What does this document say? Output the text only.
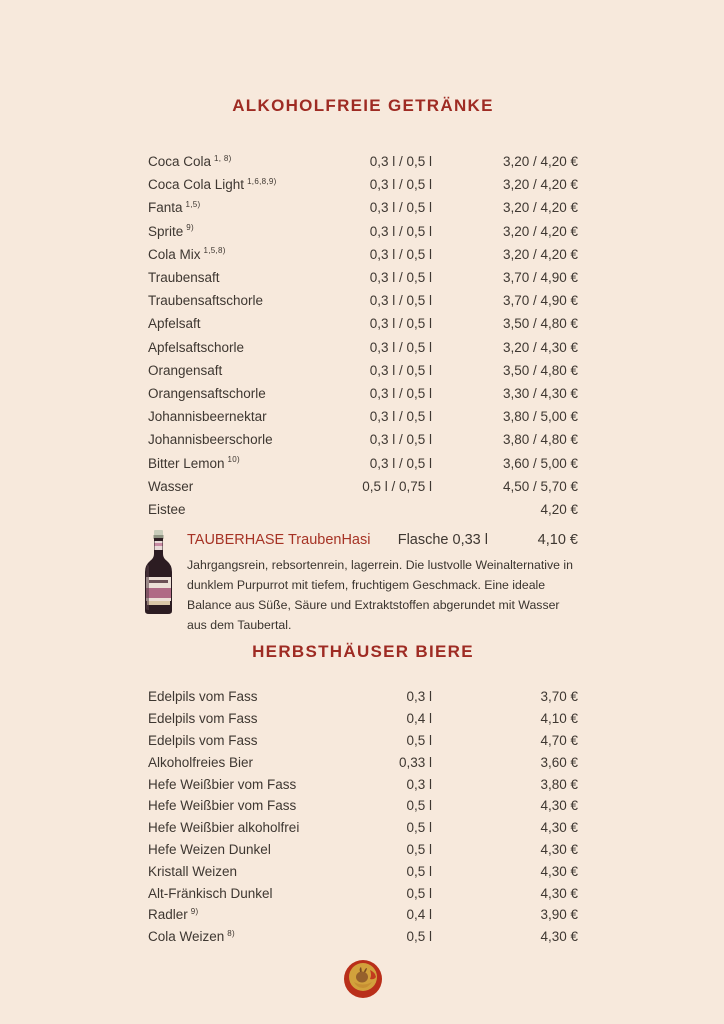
ALKOHOLFREIE GETRÄNKE
Coca Cola $^{1, 8)}$	0,3 l / 0,5 l	3,20 / 4,20 €
Coca Cola Light $^{1,6,8,9)}$	0,3 l / 0,5 l	3,20 / 4,20 €
Fanta $^{1,5)}$	0,3 l / 0,5 l	3,20 / 4,20 €
Sprite $^{9)}$	0,3 l / 0,5 l	3,20 / 4,20 €
Cola Mix $^{1,5,8)}$	0,3 l / 0,5 l	3,20 / 4,20 €
Traubensaft	0,3 l / 0,5 l	3,70 / 4,90 €
Traubensaftschorle	0,3 l / 0,5 l	3,70 / 4,90 €
Apfelsaft	0,3 l / 0,5 l	3,50 / 4,80 €
Apfelsaftschorle	0,3 l / 0,5 l	3,20 / 4,30 €
Orangensaft	0,3 l / 0,5 l	3,50 / 4,80 €
Orangensaftschorle	0,3 l / 0,5 l	3,30 / 4,30 €
Johannisbeernektar	0,3 l / 0,5 l	3,80 / 5,00 €
Johannisbeerschorle	0,3 l / 0,5 l	3,80 / 4,80 €
Bitter Lemon $^{10)}$	0,3 l / 0,5 l	3,60 / 5,00 €
Wasser	0,5 l / 0,75 l	4,50 / 5,70 €
Eistee	4,20 €
TAUBERHASE TraubenHasi	Flasche 0,33 l	4,10 €
Jahrgangsrein, rebsortenrein, lagerrein. Die lustvolle Weinalternative in dunklem Purpurrot mit tiefem, fruchtigem Geschmack. Eine ideale Balance aus Süße, Säure und Extraktstoffen abgerundet mit Wasser aus dem Taubertal.
HERBSTHÄUSER BIERE
Edelpils vom Fass	0,3 l	3,70 €
Edelpils vom Fass	0,4 l	4,10 €
Edelpils vom Fass	0,5 l	4,70 €
Alkoholfreies Bier	0,33 l	3,60 €
Hefe Weißbier vom Fass	0,3 l	3,80 €
Hefe Weißbier vom Fass	0,5 l	4,30 €
Hefe Weißbier alkoholfrei	0,5 l	4,30 €
Hefe Weizen Dunkel	0,5 l	4,30 €
Kristall Weizen	0,5 l	4,30 €
Alt-Fränkisch Dunkel	0,5 l	4,30 €
Radler $^{9)}$	0,4 l	3,90 €
Cola Weizen $^{8)}$	0,5 l	4,30 €
